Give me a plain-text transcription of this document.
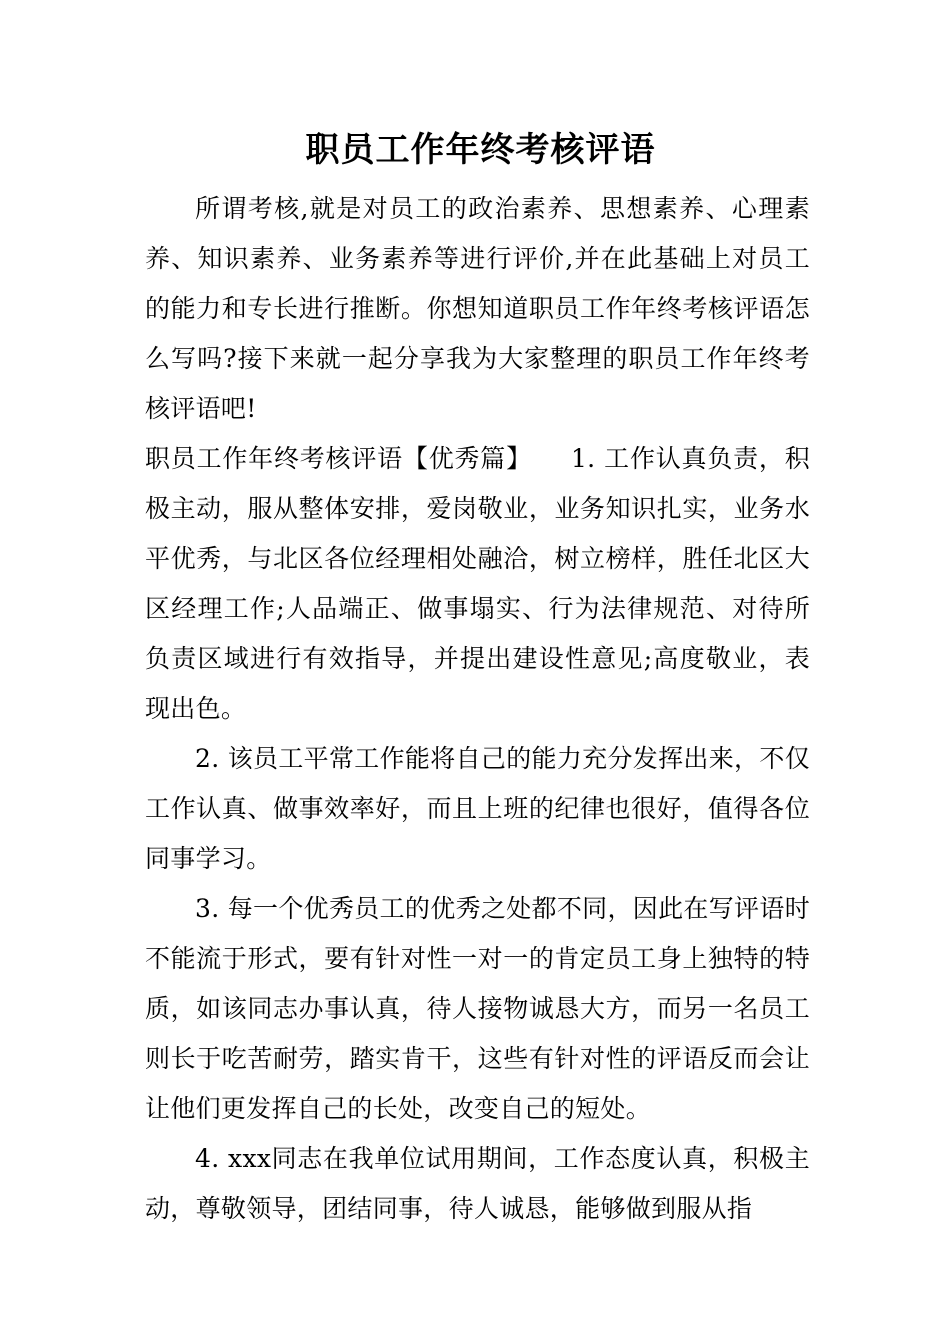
职员工作年终考核评语

所谓考核,就是对员工的政治素养、思想素养、心理素养、知识素养、业务素养等进行评价,并在此基础上对员工的能力和专长进行推断。你想知道职员工作年终考核评语怎么写吗?接下来就一起分享我为大家整理的职员工作年终考核评语吧!

职员工作年终考核评语【优秀篇】　　1. 工作认真负责，积极主动，服从整体安排，爱岗敬业，业务知识扎实，业务水平优秀，与北区各位经理相处融洽，树立榜样，胜任北区大区经理工作;人品端正、做事塌实、行为法律规范、对待所负责区域进行有效指导，并提出建设性意见;高度敬业，表现出色。

2. 该员工平常工作能将自己的能力充分发挥出来，不仅工作认真、做事效率好，而且上班的纪律也很好，值得各位同事学习。

3. 每一个优秀员工的优秀之处都不同，因此在写评语时不能流于形式，要有针对性一对一的肯定员工身上独特的特质，如该同志办事认真，待人接物诚恳大方，而另一名员工则长于吃苦耐劳，踏实肯干，这些有针对性的评语反而会让让他们更发挥自己的长处，改变自己的短处。

4. xxx同志在我单位试用期间，工作态度认真，积极主动，尊敬领导，团结同事，待人诚恳，能够做到服从指
